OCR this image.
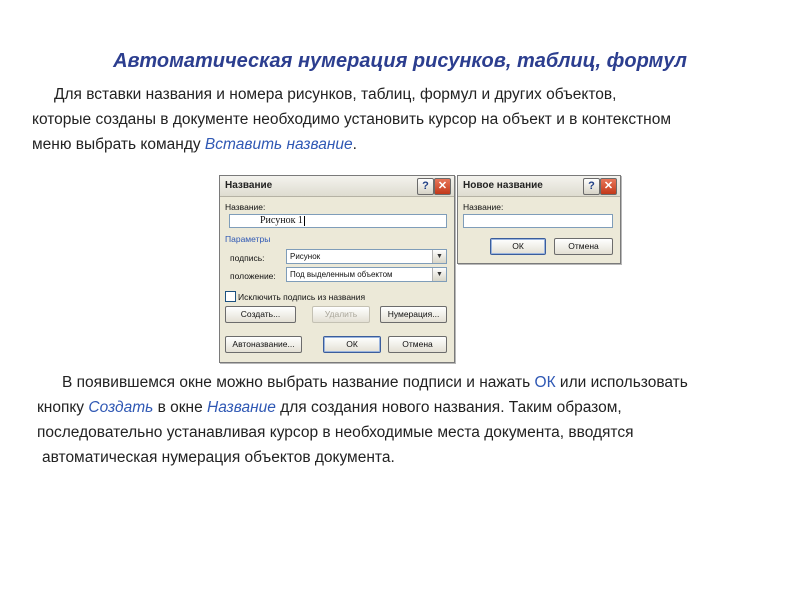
Автоматическая нумерация рисунков, таблиц, формул
Для вставки названия и номера рисунков, таблиц, формул и других объектов,
которые созданы в документе необходимо установить курсор на объект и в контекстном
меню выбрать команду Вставить название.
Название	? ✕
Название:
Рисунок 1
Параметры
подпись:	Рисунок	▼
положение: Под выделенным объектом	▼
Исключить подпись из названия
Создать...	Удалить	Нумерация...
Автоназвание...	ОК	Отмена
Новое название	? ✕
Название:
ОК	Отмена
В появившемся окне можно выбрать название подписи и нажать ОК или использовать
кнопку Создать в окне Название для создания нового названия. Таким образом,
последовательно устанавливая курсор в необходимые места документа, вводятся
автоматическая нумерация объектов документа.
